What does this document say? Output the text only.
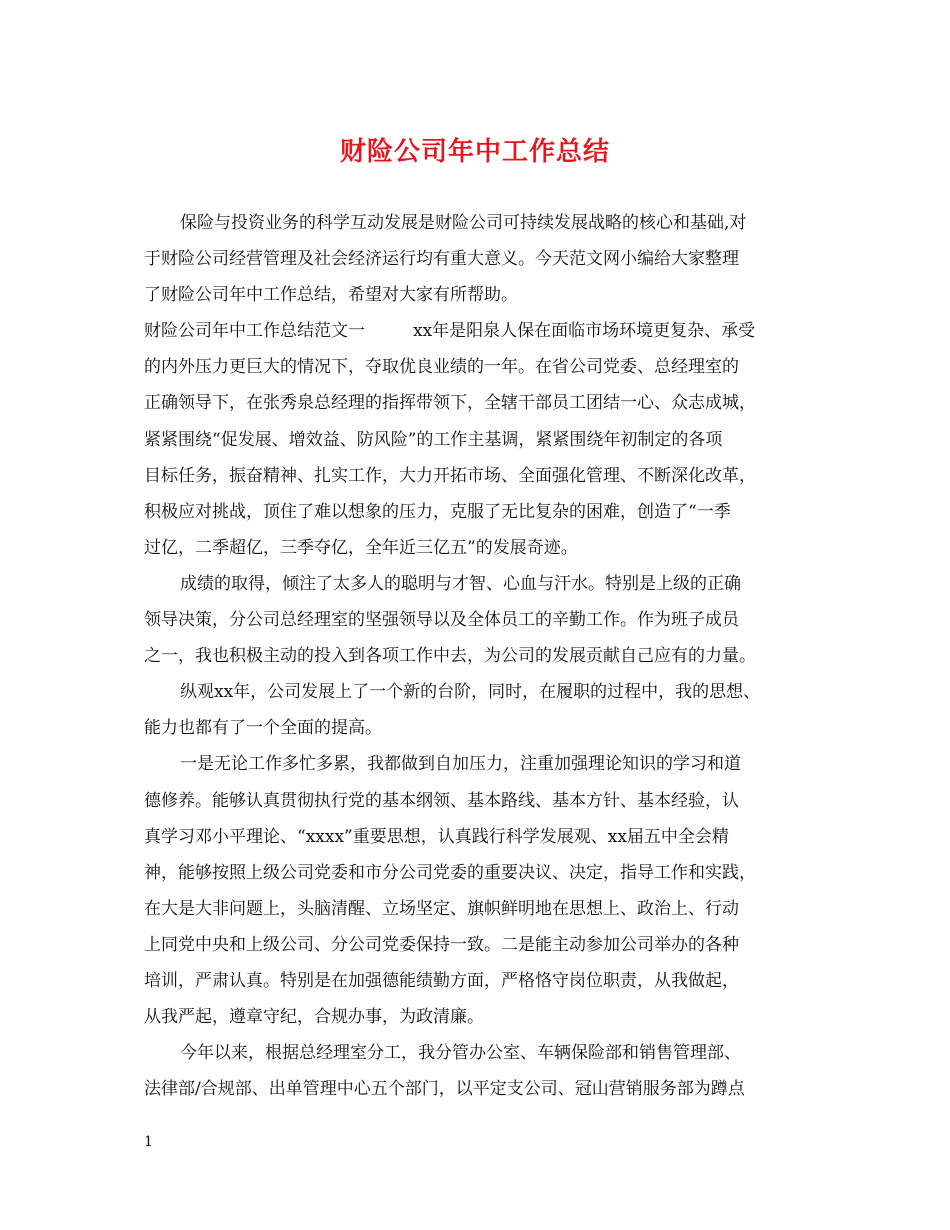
财险公司年中工作总结
保险与投资业务的科学互动发展是财险公司可持续发展战略的核心和基础,对
于财险公司经营管理及社会经济运行均有重大意义。今天范文网小编给大家整理
了财险公司年中工作总结，希望对大家有所帮助。
财险公司年中工作总结范文一	xx年是阳泉人保在面临市场环境更复杂、承受
的内外压力更巨大的情况下，夺取优良业绩的一年。在省公司党委、总经理室的
正确领导下，在张秀泉总经理的指挥带领下，全辖干部员工团结一心、众志成城，
紧紧围绕“促发展、增效益、防风险”的工作主基调，紧紧围绕年初制定的各项
目标任务，振奋精神、扎实工作，大力开拓市场、全面强化管理、不断深化改革，
积极应对挑战，顶住了难以想象的压力，克服了无比复杂的困难，创造了“一季
过亿，二季超亿，三季夺亿，全年近三亿五”的发展奇迹。
成绩的取得，倾注了太多人的聪明与才智、心血与汗水。特别是上级的正确
领导决策，分公司总经理室的坚强领导以及全体员工的辛勤工作。作为班子成员
之一，我也积极主动的投入到各项工作中去，为公司的发展贡献自己应有的力量。
纵观xx年，公司发展上了一个新的台阶，同时，在履职的过程中，我的思想、
能力也都有了一个全面的提高。
一是无论工作多忙多累，我都做到自加压力，注重加强理论知识的学习和道
德修养。能够认真贯彻执行党的基本纲领、基本路线、基本方针、基本经验，认
真学习邓小平理论、“xxxx”重要思想，认真践行科学发展观、xx届五中全会精
神，能够按照上级公司党委和市分公司党委的重要决议、决定，指导工作和实践，
在大是大非问题上，头脑清醒、立场坚定、旗帜鲜明地在思想上、政治上、行动
上同党中央和上级公司、分公司党委保持一致。二是能主动参加公司举办的各种
培训，严肃认真。特别是在加强德能绩勤方面，严格恪守岗位职责，从我做起，
从我严起，遵章守纪，合规办事，为政清廉。
今年以来，根据总经理室分工，我分管办公室、车辆保险部和销售管理部、
法律部/合规部、出单管理中心五个部门，以平定支公司、冠山营销服务部为蹲点
1
